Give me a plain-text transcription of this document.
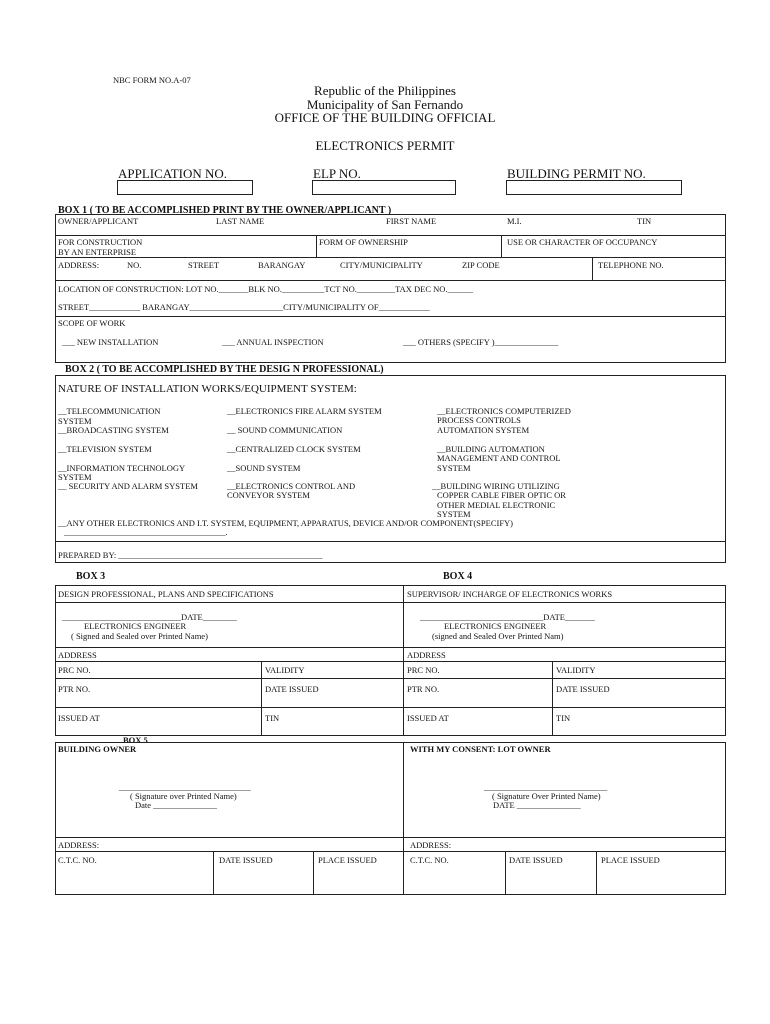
NBC FORM NO.A-07
Republic of the Philippines
Municipality of San Fernando
OFFICE OF THE BUILDING OFFICIAL
ELECTRONICS PERMIT
APPLICATION NO.	ELP NO.	BUILDING PERMIT NO.
BOX 1 ( TO BE ACCOMPLISHED PRINT BY THE OWNER/APPLICANT )
OWNER/APPLICANT	LAST NAME	FIRST NAME	M.I.	TIN
FOR CONSTRUCTION
BY AN ENTERPRISE
FORM OF OWNERSHIP	USE OR CHARACTER OF OCCUPANCY
ADDRESS:	NO.	STREET	BARANGAY	CITY/MUNICIPALITY	ZIP CODE	TELEPHONE NO.
LOCATION OF CONSTRUCTION: LOT NO._______BLK NO.__________TCT NO._________TAX DEC NO.______
STREET____________ BARANGAY______________________CITY/MUNICIPALITY OF____________
SCOPE OF WORK
___ NEW INSTALLATION	___ ANNUAL INSPECTION	___ OTHERS (SPECIFY )_______________
BOX 2 ( TO BE ACCOMPLISHED BY THE DESIG N PROFESSIONAL)
NATURE OF INSTALLATION WORKS/EQUIPMENT SYSTEM:
__TELECOMMUNICATION
SYSTEM
__BROADCASTING SYSTEM
__TELEVISION SYSTEM
__INFORMATION TECHNOLOGY
SYSTEM
__ SECURITY AND ALARM SYSTEM
__ELECTRONICS FIRE ALARM SYSTEM
__ SOUND COMMUNICATION
__CENTRALIZED CLOCK SYSTEM
__SOUND SYSTEM
__ELECTRONICS CONTROL AND
CONVEYOR SYSTEM
__ELECTRONICS COMPUTERIZED
PROCESS CONTROLS
AUTOMATION SYSTEM
__BUILDING AUTOMATION
MANAGEMENT AND CONTROL
SYSTEM
__BUILDING WIRING UTILIZING
COPPER CABLE FIBER OPTIC OR
OTHER MEDIAL ELECTRONIC
SYSTEM
__ANY OTHER ELECTRONICS AND I.T. SYSTEM, EQUIPMENT, APPARATUS, DEVICE AND/OR COMPONENT(SPECIFY)
______________________________________.
PREPARED BY: ________________________________________________
BOX 3	BOX 4
DESIGN PROFESSIONAL, PLANS AND SPECIFICATIONS
____________________________DATE________
ELECTRONICS ENGINEER
( Signed and Sealed over Printed Name)
ADDRESS
PRC NO.	VALIDITY
PTR NO.	DATE ISSUED
ISSUED AT	TIN
SUPERVISOR/ INCHARGE OF ELECTRONICS WORKS
_____________________________DATE_______
ELECTRONICS ENGINEER
(signed and Sealed Over Printed Nam)
ADDRESS
PRC NO.	VALIDITY
PTR NO.	DATE ISSUED
ISSUED AT	TIN
BOX 5
BUILDING OWNER	WITH MY CONSENT: LOT OWNER
_______________________________
( Signature over Printed Name)
Date _______________
_____________________________
( Signature Over Printed Name)
DATE _______________
ADDRESS:	ADDRESS:
C.T.C. NO.	DATE ISSUED	PLACE ISSUED	C.T.C. NO.	DATE ISSUED	PLACE ISSUED
